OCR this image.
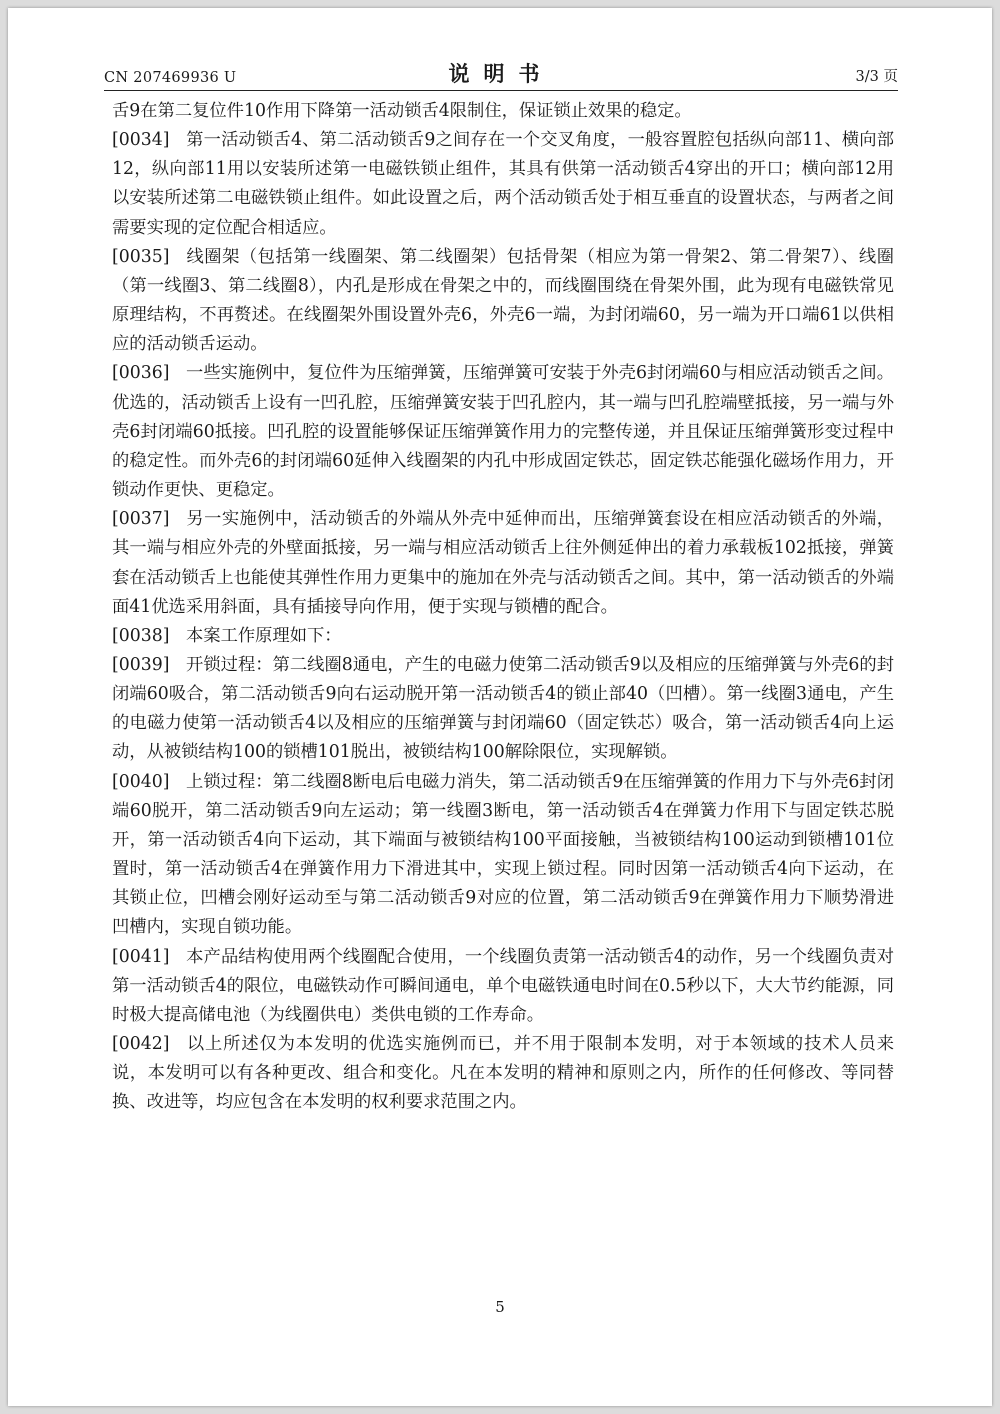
CN 207469936 U	说明书	3/3 页

舌9在第二复位件10作用下降第一活动锁舌4限制住，保证锁止效果的稳定。

[0034] 第一活动锁舌4、第二活动锁舌9之间存在一个交叉角度，一般容置腔包括纵向部11、横向部12，纵向部11用以安装所述第一电磁铁锁止组件，其具有供第一活动锁舌4穿出的开口；横向部12用以安装所述第二电磁铁锁止组件。如此设置之后，两个活动锁舌处于相互垂直的设置状态，与两者之间需要实现的定位配合相适应。

[0035] 线圈架（包括第一线圈架、第二线圈架）包括骨架（相应为第一骨架2、第二骨架7）、线圈（第一线圈3、第二线圈8），内孔是形成在骨架之中的，而线圈围绕在骨架外围，此为现有电磁铁常见原理结构，不再赘述。在线圈架外围设置外壳6，外壳6一端，为封闭端60，另一端为开口端61以供相应的活动锁舌运动。

[0036] 一些实施例中，复位件为压缩弹簧，压缩弹簧可安装于外壳6封闭端60与相应活动锁舌之间。优选的，活动锁舌上设有一凹孔腔，压缩弹簧安装于凹孔腔内，其一端与凹孔腔端壁抵接，另一端与外壳6封闭端60抵接。凹孔腔的设置能够保证压缩弹簧作用力的完整传递，并且保证压缩弹簧形变过程中的稳定性。而外壳6的封闭端60延伸入线圈架的内孔中形成固定铁芯，固定铁芯能强化磁场作用力，开锁动作更快、更稳定。

[0037] 另一实施例中，活动锁舌的外端从外壳中延伸而出，压缩弹簧套设在相应活动锁舌的外端，其一端与相应外壳的外壁面抵接，另一端与相应活动锁舌上往外侧延伸出的着力承载板102抵接，弹簧套在活动锁舌上也能使其弹性作用力更集中的施加在外壳与活动锁舌之间。其中，第一活动锁舌的外端面41优选采用斜面，具有插接导向作用，便于实现与锁槽的配合。

[0038] 本案工作原理如下：

[0039] 开锁过程：第二线圈8通电，产生的电磁力使第二活动锁舌9以及相应的压缩弹簧与外壳6的封闭端60吸合，第二活动锁舌9向右运动脱开第一活动锁舌4的锁止部40（凹槽）。第一线圈3通电，产生的电磁力使第一活动锁舌4以及相应的压缩弹簧与封闭端60（固定铁芯）吸合，第一活动锁舌4向上运动，从被锁结构100的锁槽101脱出，被锁结构100解除限位，实现解锁。

[0040] 上锁过程：第二线圈8断电后电磁力消失，第二活动锁舌9在压缩弹簧的作用力下与外壳6封闭端60脱开，第二活动锁舌9向左运动；第一线圈3断电，第一活动锁舌4在弹簧力作用下与固定铁芯脱开，第一活动锁舌4向下运动，其下端面与被锁结构100平面接触，当被锁结构100运动到锁槽101位置时，第一活动锁舌4在弹簧作用力下滑进其中，实现上锁过程。同时因第一活动锁舌4向下运动，在其锁止位，凹槽会刚好运动至与第二活动锁舌9对应的位置，第二活动锁舌9在弹簧作用力下顺势滑进凹槽内，实现自锁功能。

[0041] 本产品结构使用两个线圈配合使用，一个线圈负责第一活动锁舌4的动作，另一个线圈负责对第一活动锁舌4的限位，电磁铁动作可瞬间通电，单个电磁铁通电时间在0.5秒以下，大大节约能源，同时极大提高储电池（为线圈供电）类供电锁的工作寿命。

[0042] 以上所述仅为本发明的优选实施例而已，并不用于限制本发明，对于本领域的技术人员来说，本发明可以有各种更改、组合和变化。凡在本发明的精神和原则之内，所作的任何修改、等同替换、改进等，均应包含在本发明的权利要求范围之内。

5
